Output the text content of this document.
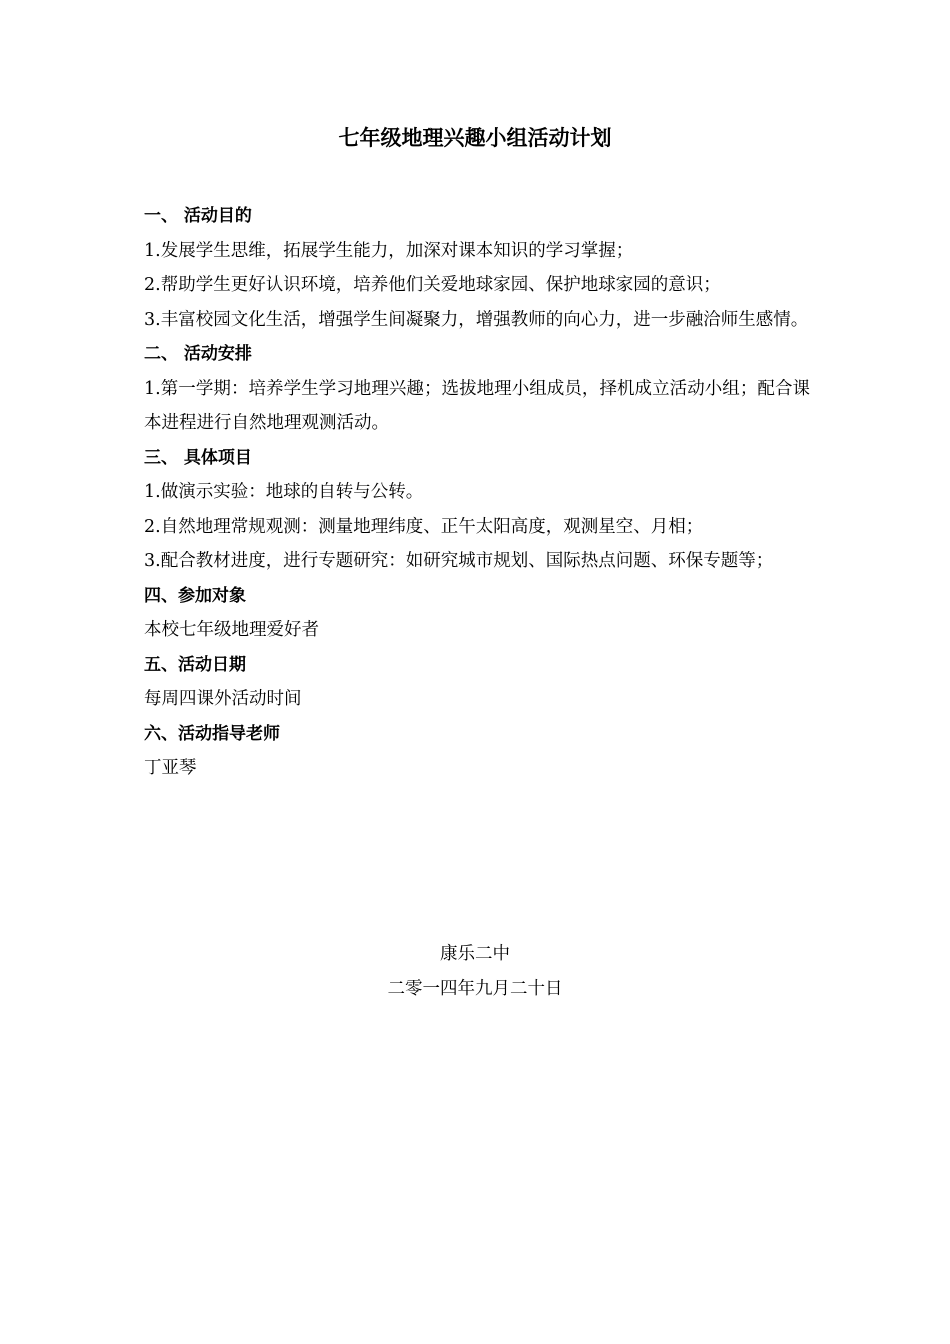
七年级地理兴趣小组活动计划

一、 活动目的

1.发展学生思维，拓展学生能力，加深对课本知识的学习掌握；

2.帮助学生更好认识环境，培养他们关爱地球家园、保护地球家园的意识；

3.丰富校园文化生活，增强学生间凝聚力，增强教师的向心力，进一步融洽师生感情。

二、 活动安排

1.第一学期：培养学生学习地理兴趣；选拔地理小组成员，择机成立活动小组；配合课本进程进行自然地理观测活动。

三、 具体项目

1.做演示实验：地球的自转与公转。

2.自然地理常规观测：测量地理纬度、正午太阳高度，观测星空、月相；

3.配合教材进度，进行专题研究：如研究城市规划、国际热点问题、环保专题等；

四、参加对象

本校七年级地理爱好者

五、活动日期

每周四课外活动时间

六、活动指导老师

丁亚琴

康乐二中

二零一四年九月二十日
